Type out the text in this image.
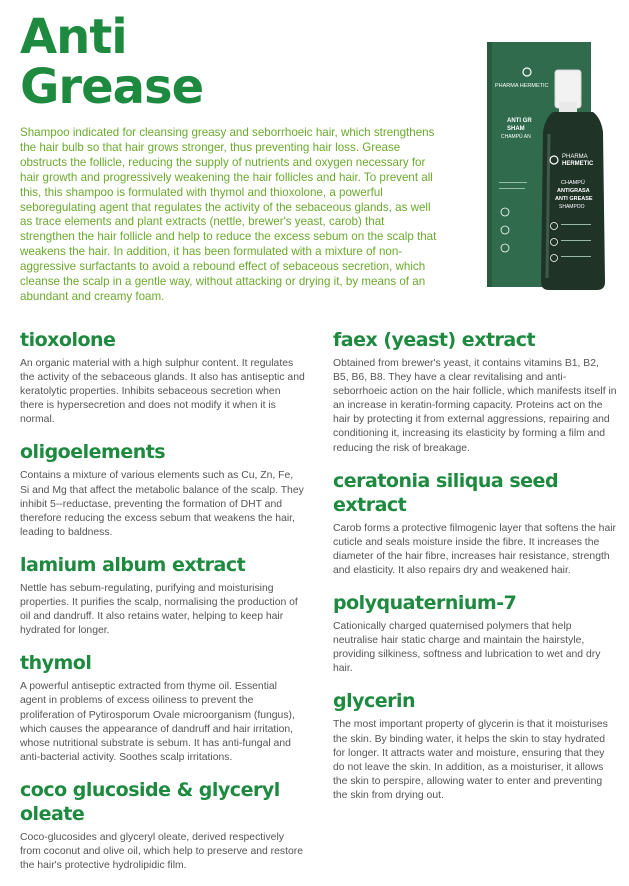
Anti
Grease

Shampoo indicated for cleansing greasy and seborrhoeic hair, which strengthens the hair bulb so that hair grows stronger, thus preventing hair loss. Grease obstructs the follicle, reducing the supply of nutrients and oxygen necessary for hair growth and progressively weakening the hair follicles and hair. To prevent all this, this shampoo is formulated with thymol and thioxolone, a powerful seboregulating agent that regulates the activity of the sebaceous glands, as well as trace elements and plant extracts (nettle, brewer's yeast, carob) that strengthen the hair follicle and help to reduce the excess sebum on the scalp that weakens the hair. In addition, it has been formulated with a mixture of non-aggressive surfactants to avoid a rebound effect of sebaceous secretion, which cleanse the scalp in a gentle way, without attacking or drying it, by means of an abundant and creamy foam.

PHARMA HERMETIC
ANTI GR
SHAM
CHAMPÚ AN
PHARMA
HERMETIC
CHAMPÚ
ANTIGRASA
ANTI GREASE
SHAMPOO
tioxolone

An organic material with a high sulphur content. It regulates the activity of the sebaceous glands. It also has antiseptic and keratolytic properties. Inhibits sebaceous secretion when there is hypersecretion and does not modify it when it is normal.

oligoelements

Contains a mixture of various elements such as Cu, Zn, Fe, Si and Mg that affect the metabolic balance of the scalp. They inhibit 5--reductase, preventing the formation of DHT and therefore reducing the excess sebum that weakens the hair, leading to baldness.

lamium album extract

Nettle has sebum-regulating, purifying and moisturising properties. It purifies the scalp, normalising the production of oil and dandruff. It also retains water, helping to keep hair hydrated for longer.

thymol

A powerful antiseptic extracted from thyme oil. Essential agent in problems of excess oiliness to prevent the proliferation of Pytirosporum Ovale microorganism (fungus), which causes the appearance of dandruff and hair irritation, whose nutritional substrate is sebum. It has anti-fungal and anti-bacterial activity. Soothes scalp irritations.

coco glucoside & glyceryl oleate

Coco-glucosides and glyceryl oleate, derived respectively from coconut and olive oil, which help to preserve and restore the hair's protective hydrolipidic film.

faex (yeast) extract

Obtained from brewer's yeast, it contains vitamins B1, B2, B5, B6, B8. They have a clear revitalising and anti-seborrhoeic action on the hair follicle, which manifests itself in an increase in keratin-forming capacity. Proteins act on the hair by protecting it from external aggressions, repairing and conditioning it, increasing its elasticity by forming a film and reducing the risk of breakage.

ceratonia siliqua seed extract

Carob forms a protective filmogenic layer that softens the hair cuticle and seals moisture inside the fibre. It increases the diameter of the hair fibre, increases hair resistance, strength and elasticity. It also repairs dry and weakened hair.

polyquaternium-7

Cationically charged quaternised polymers that help neutralise hair static charge and maintain the hairstyle, providing silkiness, softness and lubrication to wet and dry hair.

glycerin

The most important property of glycerin is that it moisturises the skin. By binding water, it helps the skin to stay hydrated for longer. It attracts water and moisture, ensuring that they do not leave the skin. In addition, as a moisturiser, it allows the skin to perspire, allowing water to enter and preventing the skin from drying out.
